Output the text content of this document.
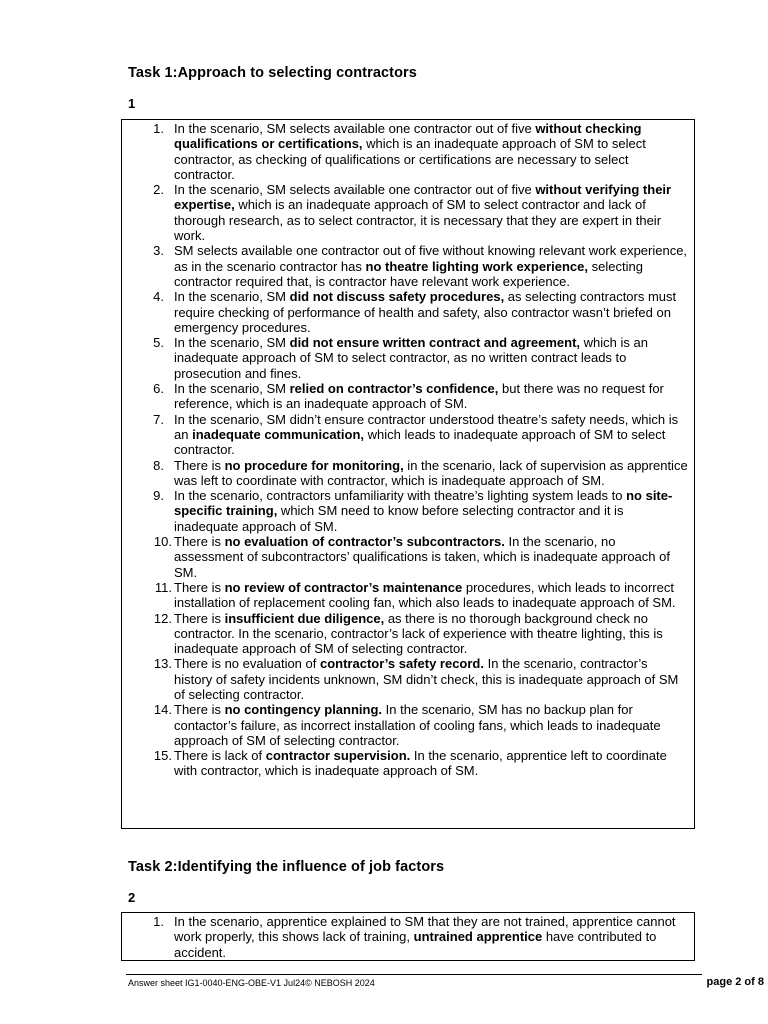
Task 1:Approach to selecting contractors
1
1. In the scenario, SM selects available one contractor out of five without checking qualifications or certifications, which is an inadequate approach of SM to select contractor, as checking of qualifications or certifications are necessary to select contractor.
2. In the scenario, SM selects available one contractor out of five without verifying their expertise, which is an inadequate approach of SM to select contractor and lack of thorough research, as to select contractor, it is necessary that they are expert in their work.
3. SM selects available one contractor out of five without knowing relevant work experience, as in the scenario contractor has no theatre lighting work experience, selecting contractor required that, is contractor have relevant work experience.
4. In the scenario, SM did not discuss safety procedures, as selecting contractors must require checking of performance of health and safety, also contractor wasn’t briefed on emergency procedures.
5. In the scenario, SM did not ensure written contract and agreement, which is an inadequate approach of SM to select contractor, as no written contract leads to prosecution and fines.
6. In the scenario, SM relied on contractor’s confidence, but there was no request for reference, which is an inadequate approach of SM.
7. In the scenario, SM didn’t ensure contractor understood theatre’s safety needs, which is an inadequate communication, which leads to inadequate approach of SM to select contractor.
8. There is no procedure for monitoring, in the scenario, lack of supervision as apprentice was left to coordinate with contractor, which is inadequate approach of SM.
9. In the scenario, contractors unfamiliarity with theatre’s lighting system leads to no site-specific training, which SM need to know before selecting contractor and it is inadequate approach of SM.
10. There is no evaluation of contractor’s subcontractors. In the scenario, no assessment of subcontractors’ qualifications is taken, which is inadequate approach of SM.
11. There is no review of contractor’s maintenance procedures, which leads to incorrect installation of replacement cooling fan, which also leads to inadequate approach of SM.
12. There is insufficient due diligence, as there is no thorough background check no contractor. In the scenario, contractor’s lack of experience with theatre lighting, this is inadequate approach of SM of selecting contractor.
13. There is no evaluation of contractor’s safety record. In the scenario, contractor’s history of safety incidents unknown, SM didn’t check, this is inadequate approach of SM of selecting contractor.
14. There is no contingency planning. In the scenario, SM has no backup plan for contactor’s failure, as incorrect installation of cooling fans, which leads to inadequate approach of SM of selecting contractor.
15. There is lack of contractor supervision. In the scenario, apprentice left to coordinate with contractor, which is inadequate approach of SM.
Task 2:Identifying the influence of job factors
2
1. In the scenario, apprentice explained to SM that they are not trained, apprentice cannot work properly, this shows lack of training, untrained apprentice have contributed to accident.
Answer sheet IG1-0040-ENG-OBE-V1 Jul24© NEBOSH 2024	page 2 of 8
